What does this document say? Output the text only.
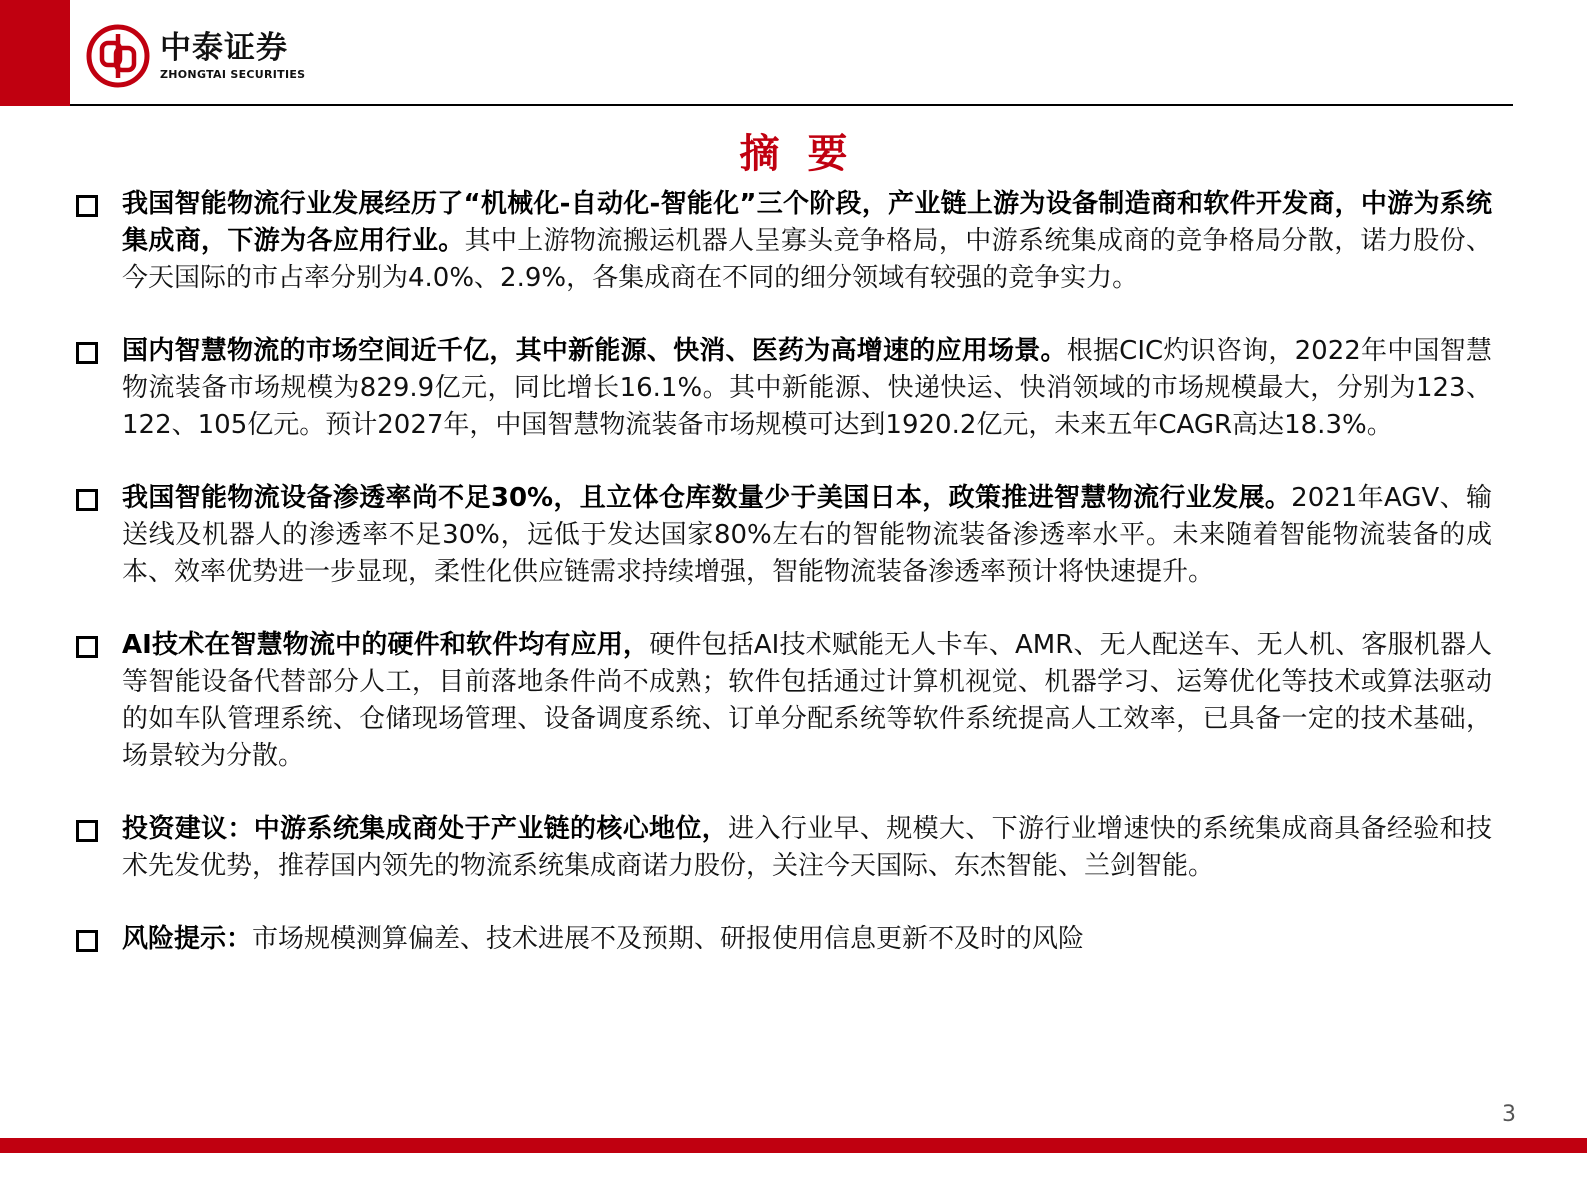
中泰证券
ZHONGTAI SECURITIES
摘要
我国智能物流行业发展经历了“机械化-自动化-智能化”三个阶段，产业链上游为设备制造商和软件开发商，中游为系统集成商，下游为各应用行业。其中上游物流搬运机器人呈寡头竞争格局，中游系统集成商的竞争格局分散，诺力股份、今天国际的市占率分别为4.0%、2.9%，各集成商在不同的细分领域有较强的竞争实力。
国内智慧物流的市场空间近千亿，其中新能源、快消、医药为高增速的应用场景。根据CIC灼识咨询，2022年中国智慧物流装备市场规模为829.9亿元，同比增长16.1%。其中新能源、快递快运、快消领域的市场规模最大，分别为123、122、105亿元。预计2027年，中国智慧物流装备市场规模可达到1920.2亿元，未来五年CAGR高达18.3%。
我国智能物流设备渗透率尚不足30%，且立体仓库数量少于美国日本，政策推进智慧物流行业发展。2021年AGV、输送线及机器人的渗透率不足30%，远低于发达国家80%左右的智能物流装备渗透率水平。未来随着智能物流装备的成本、效率优势进一步显现，柔性化供应链需求持续增强，智能物流装备渗透率预计将快速提升。
AI技术在智慧物流中的硬件和软件均有应用，硬件包括AI技术赋能无人卡车、AMR、无人配送车、无人机、客服机器人等智能设备代替部分人工，目前落地条件尚不成熟；软件包括通过计算机视觉、机器学习、运筹优化等技术或算法驱动的如车队管理系统、仓储现场管理、设备调度系统、订单分配系统等软件系统提高人工效率，已具备一定的技术基础，场景较为分散。
投资建议：中游系统集成商处于产业链的核心地位，进入行业早、规模大、下游行业增速快的系统集成商具备经验和技术先发优势，推荐国内领先的物流系统集成商诺力股份，关注今天国际、东杰智能、兰剑智能。
风险提示：市场规模测算偏差、技术进展不及预期、研报使用信息更新不及时的风险
3
